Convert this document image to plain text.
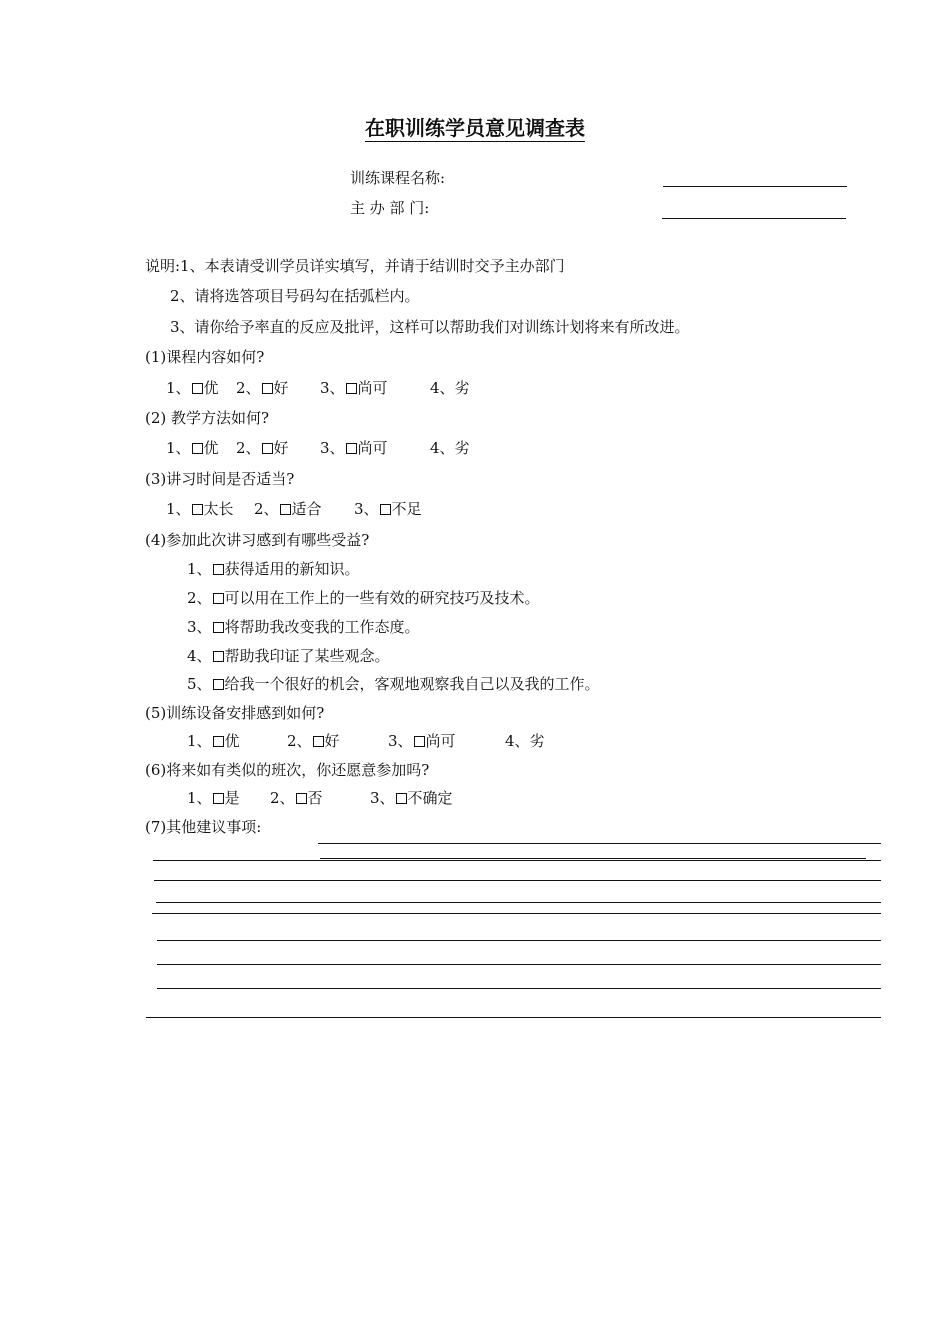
在职训练学员意见调查表
训练课程名称:
主 办 部 门:
说明:1、本表请受训学员详实填写，并请于结训时交予主办部门
2、请将选答项目号码勾在括弧栏内。
3、请你给予率直的反应及批评，这样可以帮助我们对训练计划将来有所改进。
(1)课程内容如何?
1、 优 2、 好 3、 尚可	4、劣
(2) 教学方法如何?
1、 优 2、 好 3、 尚可	4、劣
(3)讲习时间是否适当?
1、 太长 2、 适合 3、 不足
(4)参加此次讲习感到有哪些受益?
1、 获得适用的新知识。
2、 可以用在工作上的一些有效的研究技巧及技术。
3、 将帮助我改变我的工作态度。
4、 帮助我印证了某些观念。
5、 给我一个很好的机会，客观地观察我自己以及我的工作。
(5)训练设备安排感到如何?
1、 优	2、 好	3、 尚可	4、劣
(6)将来如有类似的班次，你还愿意参加吗?
1、 是 2、 否	3、 不确定
(7)其他建议事项:
